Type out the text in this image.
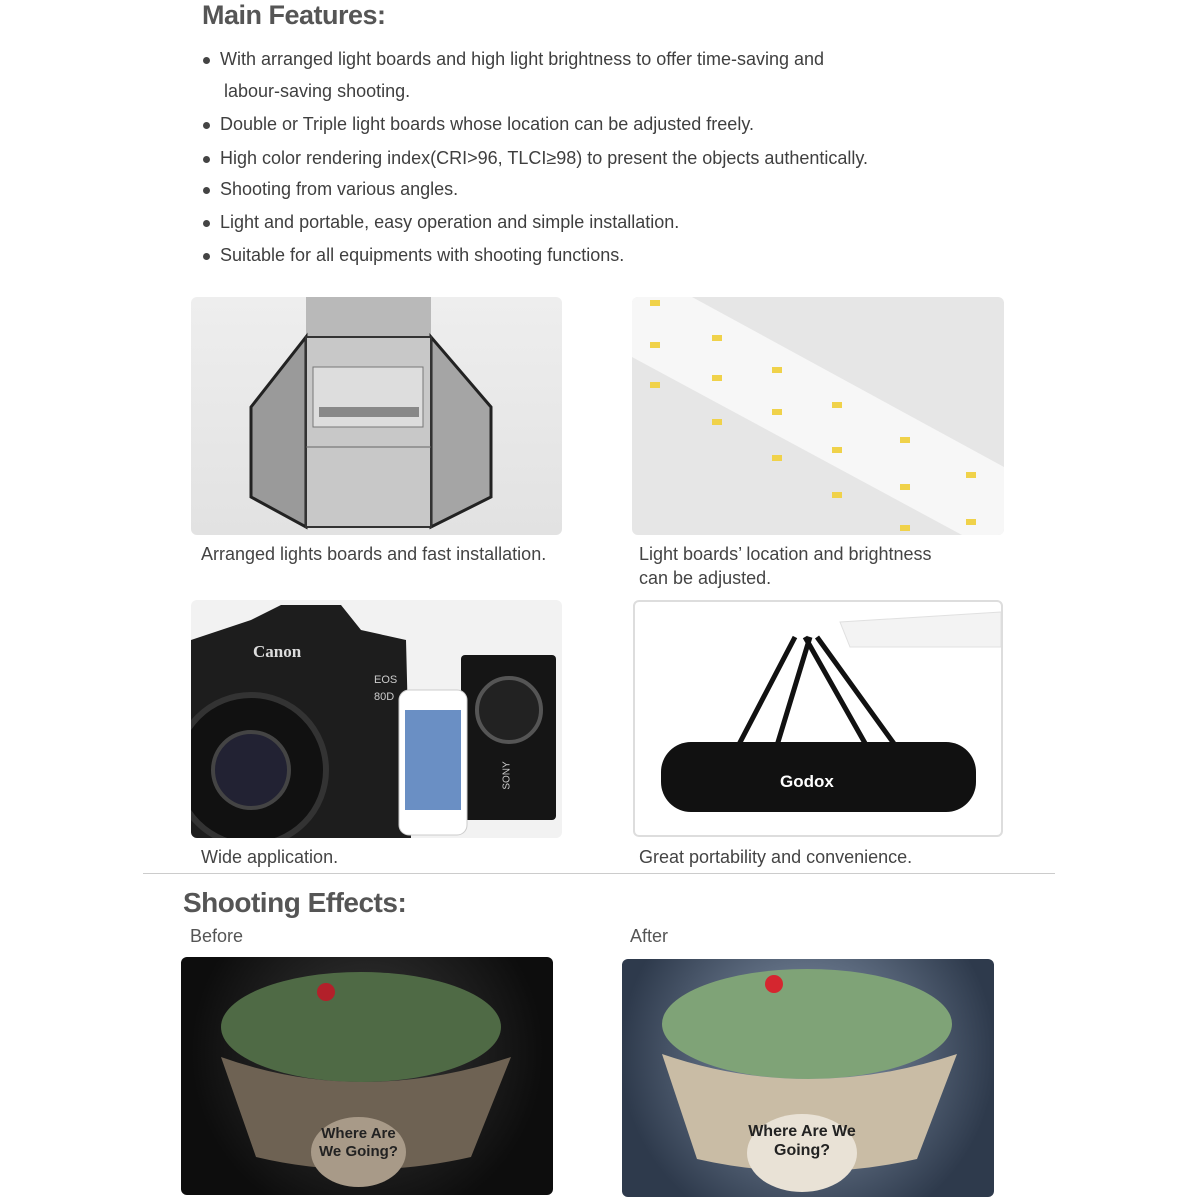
Main Features:
With arranged light boards and high light brightness to offer time-saving and
labour-saving shooting.
Double or Triple light boards whose location can be adjusted freely.
High color rendering index(CRI>96, TLCI≥98) to present the objects authentically.
Shooting from various angles.
Light and portable, easy operation and simple installation.
Suitable for all equipments with shooting functions.
Arranged lights boards and fast installation.	Light boards’ location and brightness
can be adjusted.
Canon
EOS 80D
SONY
Wide application.
Godox
Great portability and convenience.
Shooting Effects:
Before	After
Where Are We Going?
Where Are We Going?
